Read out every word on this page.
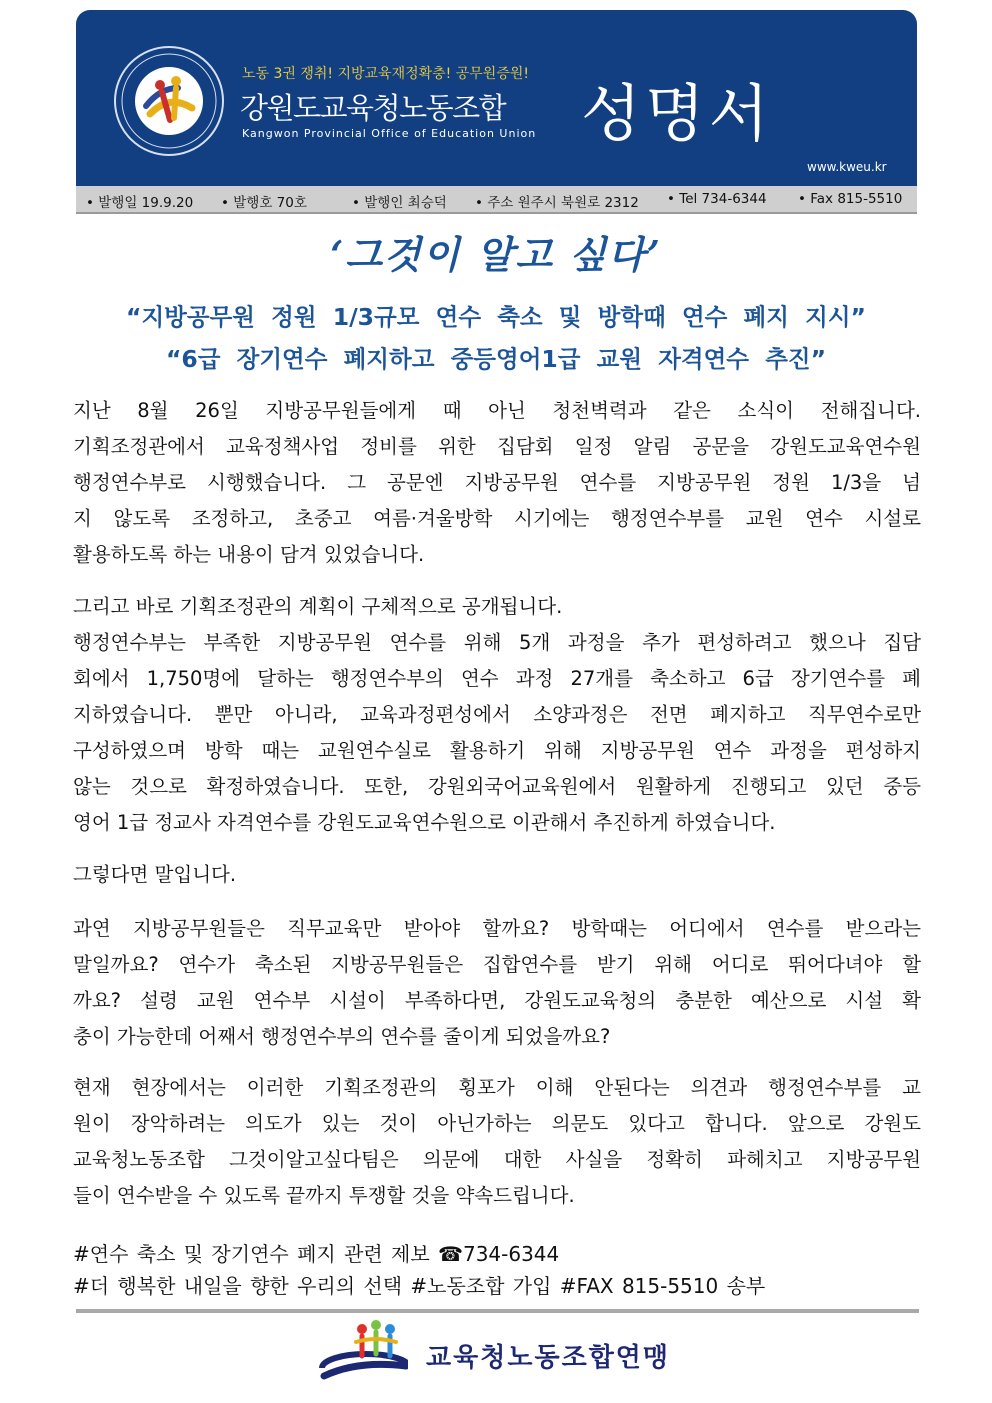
노동 3권 쟁취! 지방교육재정확충! 공무원증원!
강원도교육청노동조합
Kangwon Provincial Office of Education Union 성명서
www.kweu.kr
• 발행일 19.9.20 • 발행호 70호	• 발행인 최승덕 • 주소 원주시 북원로 2312 • Tel 734-6344 • Fax 815-5510
‘그것이 알고 싶다’
“지방공무원 정원 1/3규모 연수 축소 및 방학때 연수 폐지 지시”
“6급 장기연수 폐지하고 중등영어1급 교원 자격연수 추진”
지난 8월 26일 지방공무원들에게 때 아닌 청천벽력과 같은 소식이 전해집니다.
기획조정관에서 교육정책사업 정비를 위한 집담회 일정 알림 공문을 강원도교육연수원
행정연수부로 시행했습니다. 그 공문엔 지방공무원 연수를 지방공무원 정원 1/3을 넘
지 않도록 조정하고, 초중고 여름·겨울방학 시기에는 행정연수부를 교원 연수 시설로
활용하도록 하는 내용이 담겨 있었습니다.
그리고 바로 기획조정관의 계획이 구체적으로 공개됩니다.
행정연수부는 부족한 지방공무원 연수를 위해 5개 과정을 추가 편성하려고 했으나 집담
회에서 1,750명에 달하는 행정연수부의 연수 과정 27개를 축소하고 6급 장기연수를 폐
지하였습니다. 뿐만 아니라, 교육과정편성에서 소양과정은 전면 폐지하고 직무연수로만
구성하였으며 방학 때는 교원연수실로 활용하기 위해 지방공무원 연수 과정을 편성하지
않는 것으로 확정하였습니다. 또한, 강원외국어교육원에서 원활하게 진행되고 있던 중등
영어 1급 정교사 자격연수를 강원도교육연수원으로 이관해서 추진하게 하였습니다.
그렇다면 말입니다.
과연 지방공무원들은 직무교육만 받아야 할까요? 방학때는 어디에서 연수를 받으라는
말일까요? 연수가 축소된 지방공무원들은 집합연수를 받기 위해 어디로 뛰어다녀야 할
까요? 설령 교원 연수부 시설이 부족하다면, 강원도교육청의 충분한 예산으로 시설 확
충이 가능한데 어째서 행정연수부의 연수를 줄이게 되었을까요?
현재 현장에서는 이러한 기획조정관의 횡포가 이해 안된다는 의견과 행정연수부를 교
원이 장악하려는 의도가 있는 것이 아닌가하는 의문도 있다고 합니다. 앞으로 강원도
교육청노동조합 그것이알고싶다팀은 의문에 대한 사실을 정확히 파헤치고 지방공무원
들이 연수받을 수 있도록 끝까지 투쟁할 것을 약속드립니다.
#연수 축소 및 장기연수 폐지 관련 제보 ☎734-6344
#더 행복한 내일을 향한 우리의 선택 #노동조합 가입 #FAX 815-5510 송부
교육청노동조합연맹
